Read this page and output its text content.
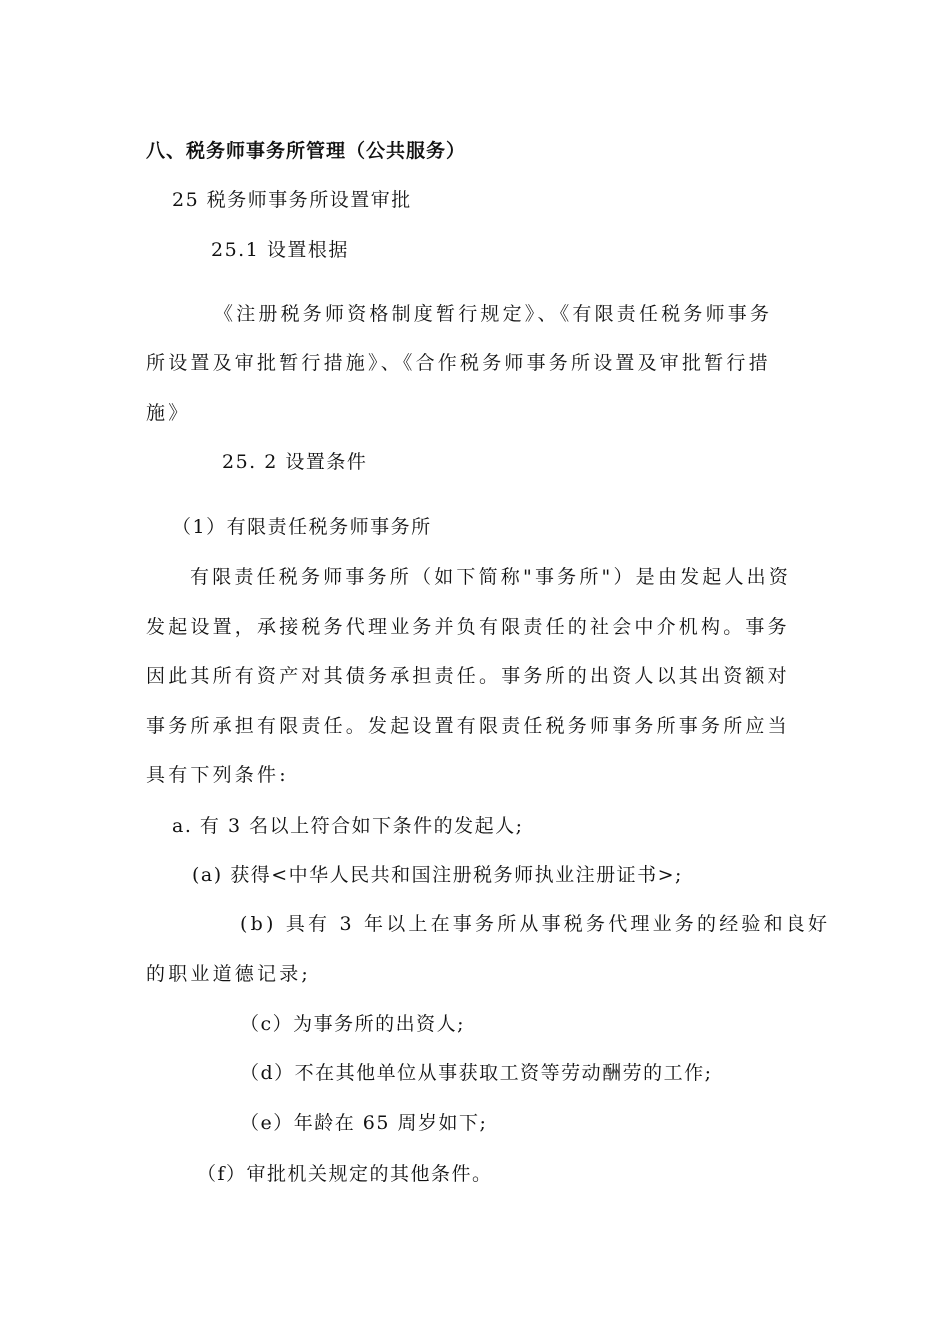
八、税务师事务所管理（公共服务）
25 税务师事务所设置审批
25.1 设置根据
《注册税务师资格制度暂行规定》、《有限责任税务师事务
所设置及审批暂行措施》、《合作税务师事务所设置及审批暂行措
施》
25. 2 设置条件
（1）有限责任税务师事务所
有限责任税务师事务所（如下简称"事务所"）是由发起人出资
发起设置，承接税务代理业务并负有限责任的社会中介机构。事务
因此其所有资产对其债务承担责任。事务所的出资人以其出资额对
事务所承担有限责任。发起设置有限责任税务师事务所事务所应当
具有下列条件:
a. 有 3 名以上符合如下条件的发起人;
(a) 获得<中华人民共和国注册税务师执业注册证书>;
(b) 具有 3 年以上在事务所从事税务代理业务的经验和良好
的职业道德记录;
（c）为事务所的出资人;
（d）不在其他单位从事获取工资等劳动酬劳的工作;
（e）年龄在 65 周岁如下;
（f）审批机关规定的其他条件。
